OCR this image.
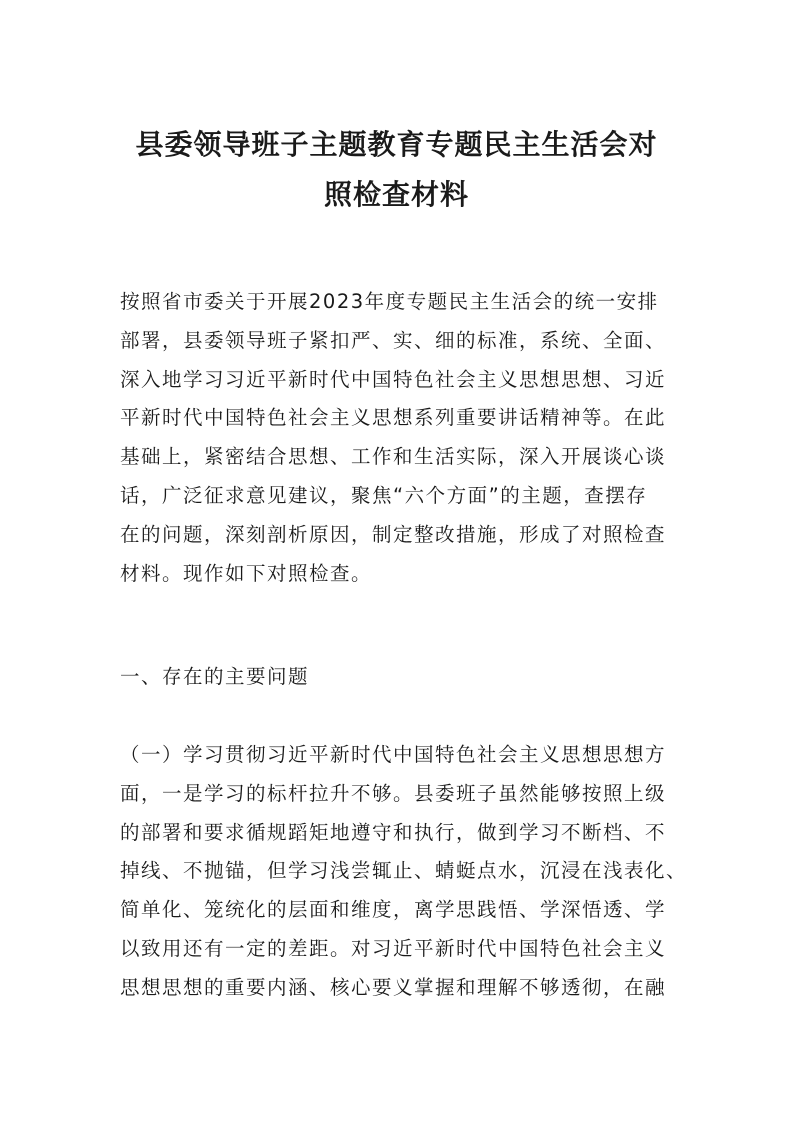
县委领导班子主题教育专题民主生活会对
照检查材料
按照省市委关于开展2023年度专题民主生活会的统一安排
部署，县委领导班子紧扣严、实、细的标准，系统、全面、
深入地学习习近平新时代中国特色社会主义思想思想、习近
平新时代中国特色社会主义思想系列重要讲话精神等。在此
基础上，紧密结合思想、工作和生活实际，深入开展谈心谈
话，广泛征求意见建议，聚焦“六个方面”的主题，查摆存
在的问题，深刻剖析原因，制定整改措施，形成了对照检查
材料。现作如下对照检查。
一、存在的主要问题
（一）学习贯彻习近平新时代中国特色社会主义思想思想方
面，一是学习的标杆拉升不够。县委班子虽然能够按照上级
的部署和要求循规蹈矩地遵守和执行，做到学习不断档、不
掉线、不抛锚，但学习浅尝辄止、蜻蜓点水，沉浸在浅表化、
简单化、笼统化的层面和维度，离学思践悟、学深悟透、学
以致用还有一定的差距。对习近平新时代中国特色社会主义
思想思想的重要内涵、核心要义掌握和理解不够透彻，在融
